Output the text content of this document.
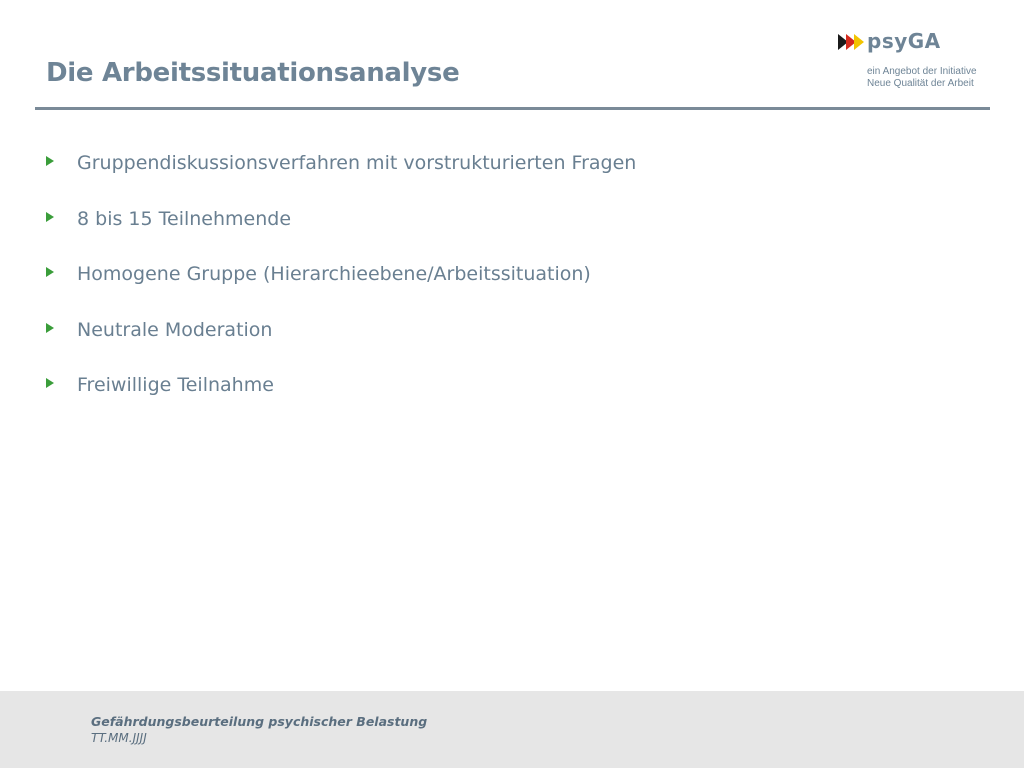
Die Arbeitssituationsanalyse
psyGA
ein Angebot der Initiative
Neue Qualität der Arbeit
Gruppendiskussionsverfahren mit vorstrukturierten Fragen
8 bis 15 Teilnehmende
Homogene Gruppe (Hierarchieebene/Arbeitssituation)
Neutrale Moderation
Freiwillige Teilnahme
Gefährdungsbeurteilung psychischer Belastung
TT.MM.JJJJ
